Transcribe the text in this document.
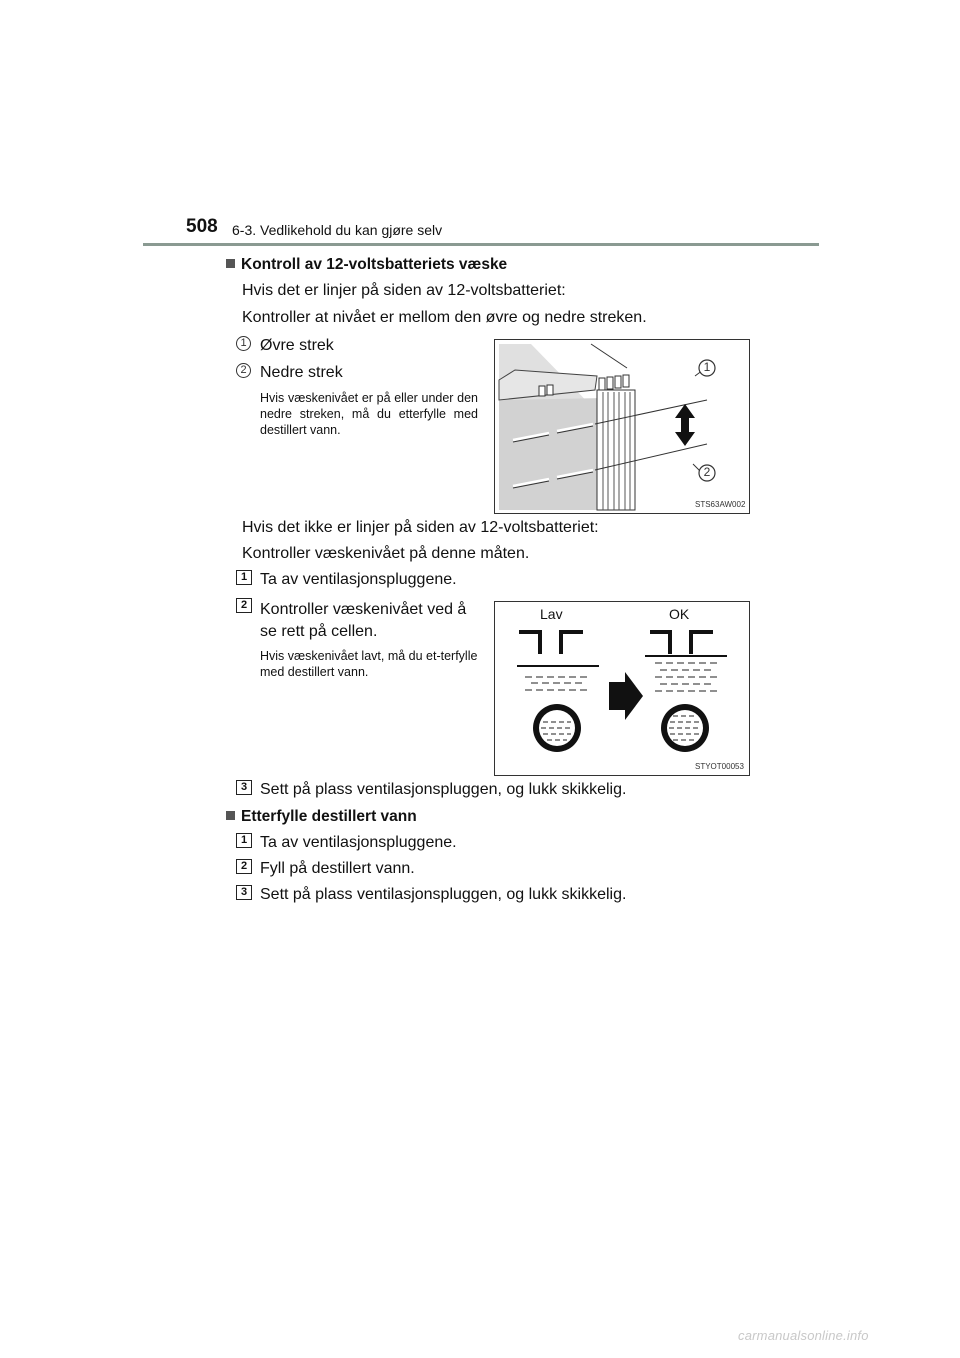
508 6-3. Vedlikehold du kan gjøre selv
Kontroll av 12-voltsbatteriets væske
Hvis det er linjer på siden av 12-voltsbatteriet:
Kontroller at nivået er mellom den øvre og nedre streken.
1 Øvre strek
2 Nedre strek
Hvis væskenivået er på eller under den nedre streken, må du etterfylle med destillert vann.
1
2
STS63AW002
Hvis det ikke er linjer på siden av 12-voltsbatteriet:
Kontroller væskenivået på denne måten.
1 Ta av ventilasjonspluggene.
2 Kontroller væskenivået ved å se rett på cellen.
Hvis væskenivået lavt, må du et-terfylle med destillert vann.
Lav	OK
STYOT00053
3 Sett på plass ventilasjonspluggen, og lukk skikkelig.
Etterfylle destillert vann
1 Ta av ventilasjonspluggene.
2 Fyll på destillert vann.
3 Sett på plass ventilasjonspluggen, og lukk skikkelig.
carmanualsonline.info
